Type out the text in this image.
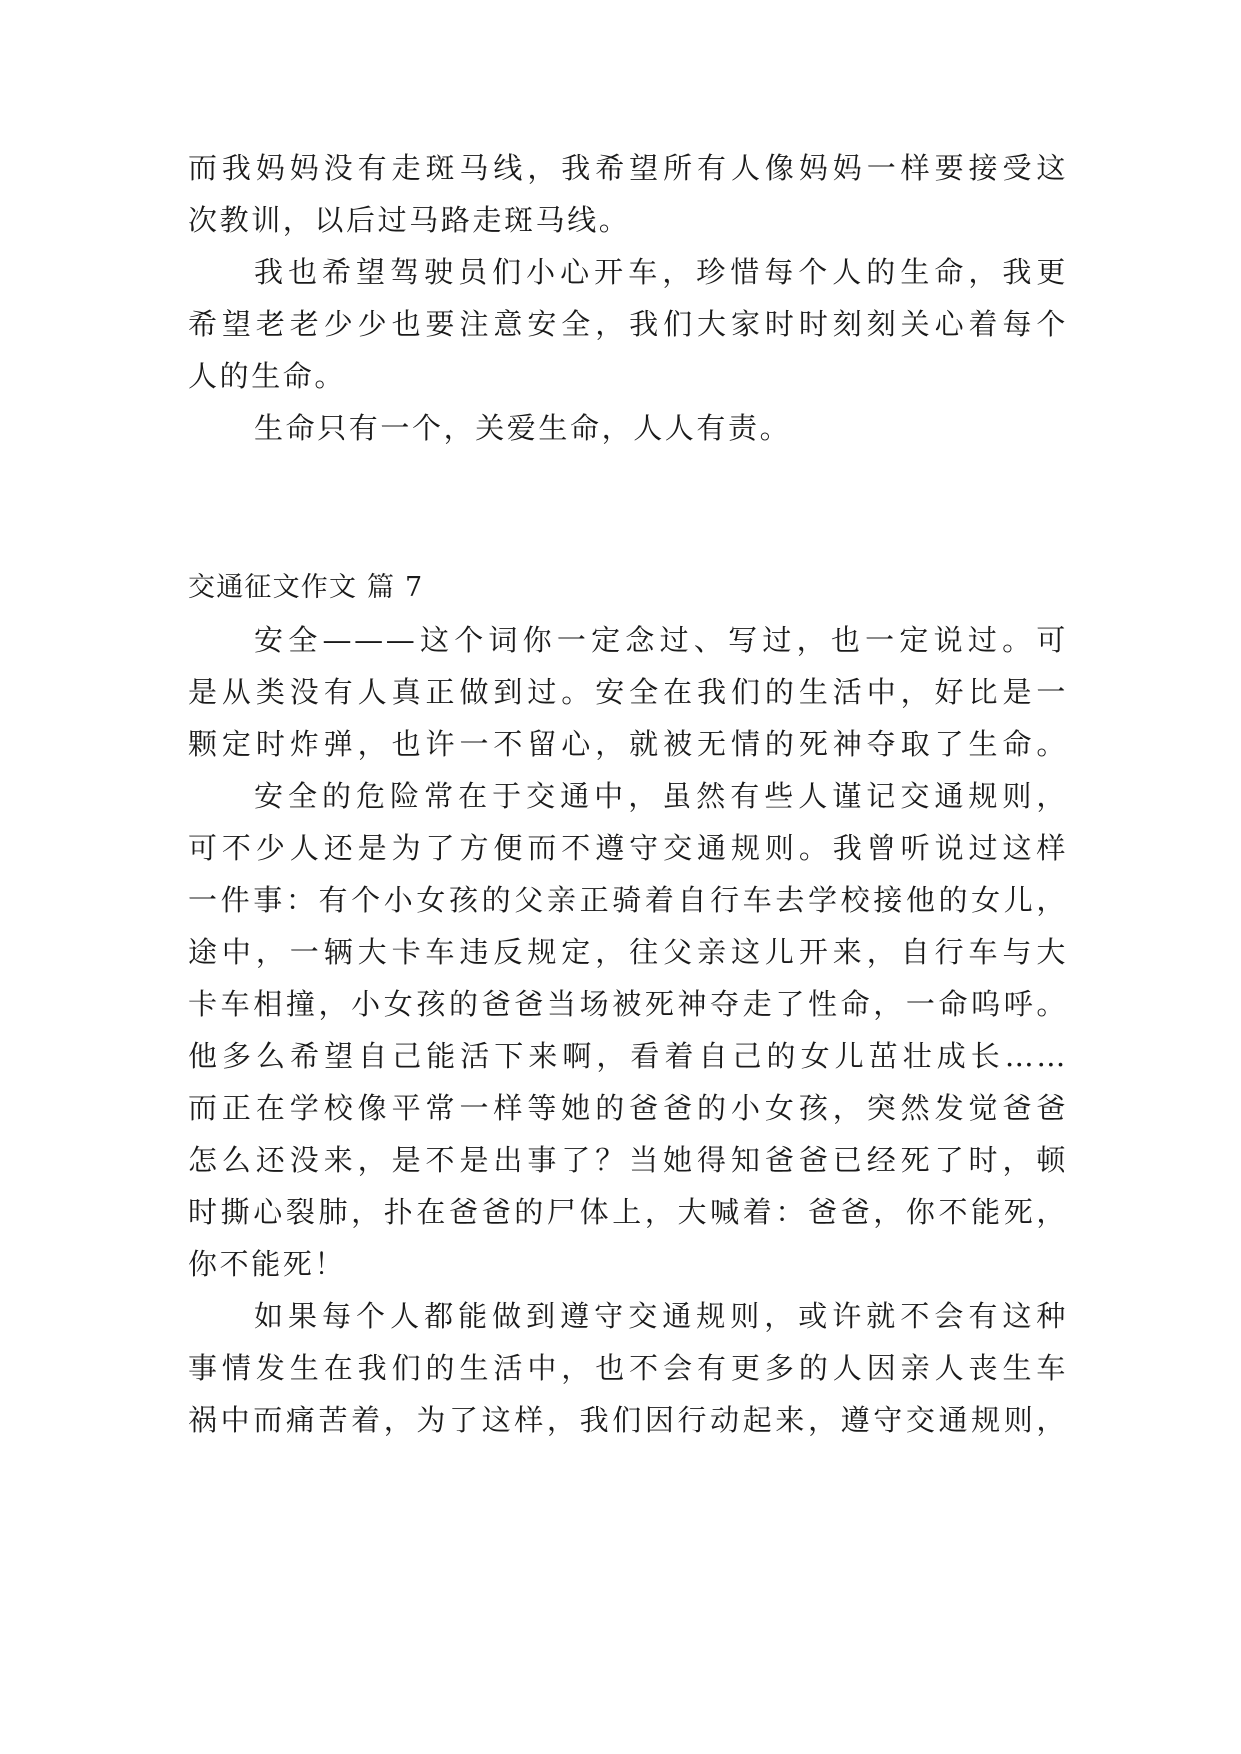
而我妈妈没有走斑马线，我希望所有人像妈妈一样要接受这
次教训，以后过马路走斑马线。
我也希望驾驶员们小心开车，珍惜每个人的生命，我更
希望老老少少也要注意安全，我们大家时时刻刻关心着每个
人的生命。
生命只有一个，关爱生命，人人有责。
交通征文作文 篇 7
安全———这个词你一定念过、写过，也一定说过。可
是从类没有人真正做到过。安全在我们的生活中，好比是一
颗定时炸弹，也许一不留心，就被无情的死神夺取了生命。
安全的危险常在于交通中，虽然有些人谨记交通规则，
可不少人还是为了方便而不遵守交通规则。我曾听说过这样
一件事：有个小女孩的父亲正骑着自行车去学校接他的女儿，
途中，一辆大卡车违反规定，往父亲这儿开来，自行车与大
卡车相撞，小女孩的爸爸当场被死神夺走了性命，一命呜呼。
他多么希望自己能活下来啊，看着自己的女儿茁壮成长……
而正在学校像平常一样等她的爸爸的小女孩，突然发觉爸爸
怎么还没来，是不是出事了？当她得知爸爸已经死了时，顿
时撕心裂肺，扑在爸爸的尸体上，大喊着：爸爸，你不能死，
你不能死！
如果每个人都能做到遵守交通规则，或许就不会有这种
事情发生在我们的生活中，也不会有更多的人因亲人丧生车
祸中而痛苦着，为了这样，我们因行动起来，遵守交通规则，
